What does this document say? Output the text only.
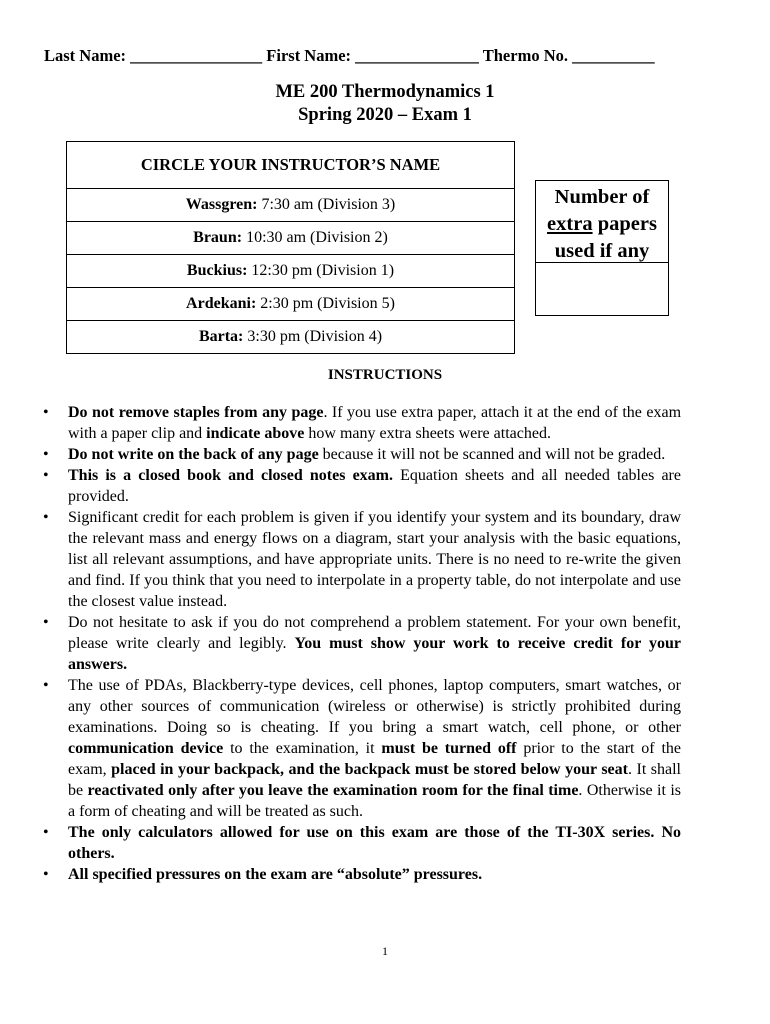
Last Name: ________________ First Name: _______________ Thermo No. __________
ME 200 Thermodynamics 1
Spring 2020 – Exam 1
CIRCLE YOUR INSTRUCTOR’S NAME
Wassgren: 7:30 am (Division 3)
Braun: 10:30 am (Division 2)
Buckius: 12:30 pm (Division 1)
Ardekani: 2:30 pm (Division 5)
Barta: 3:30 pm (Division 4)
Number of
extra papers
used if any
INSTRUCTIONS
• Do not remove staples from any page. If you use extra paper, attach it at the end of the exam with a paper clip and indicate above how many extra sheets were attached.
• Do not write on the back of any page because it will not be scanned and will not be graded.
• This is a closed book and closed notes exam. Equation sheets and all needed tables are provided.
• Significant credit for each problem is given if you identify your system and its boundary, draw the relevant mass and energy flows on a diagram, start your analysis with the basic equations, list all relevant assumptions, and have appropriate units. There is no need to re-write the given and find. If you think that you need to interpolate in a property table, do not interpolate and use the closest value instead.
• Do not hesitate to ask if you do not comprehend a problem statement. For your own benefit, please write clearly and legibly. You must show your work to receive credit for your answers.
• The use of PDAs, Blackberry-type devices, cell phones, laptop computers, smart watches, or any other sources of communication (wireless or otherwise) is strictly prohibited during examinations. Doing so is cheating. If you bring a smart watch, cell phone, or other communication device to the examination, it must be turned off prior to the start of the exam, placed in your backpack, and the backpack must be stored below your seat. It shall be reactivated only after you leave the examination room for the final time. Otherwise it is a form of cheating and will be treated as such.
• The only calculators allowed for use on this exam are those of the TI-30X series. No others.
• All specified pressures on the exam are “absolute” pressures.
1
